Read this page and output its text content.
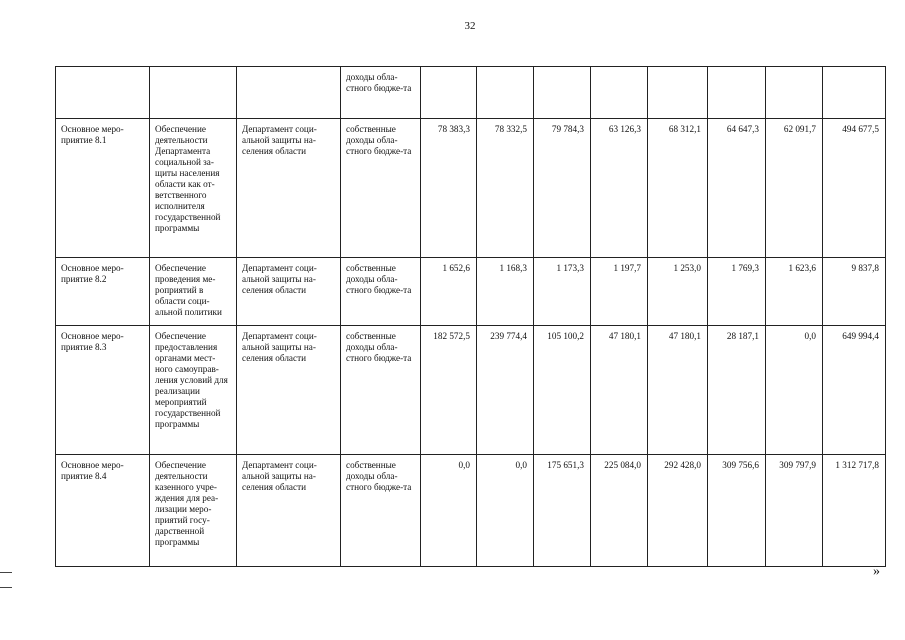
32
			доходы обла-стного бюдже-та								
Основное меро-приятие 8.1	Обеспечение деятельности Департамента социальной за-щиты населения области как от-ветственного исполнителя государственной программы	Департамент соци-альной защиты на-селения области	собственные доходы обла-стного бюдже-та	78 383,3	78 332,5	79 784,3	63 126,3	68 312,1	64 647,3	62 091,7	494 677,5
Основное меро-приятие 8.2	Обеспечение проведения ме-роприятий в области соци-альной политики	Департамент соци-альной защиты на-селения области	собственные доходы обла-стного бюдже-та	1 652,6	1 168,3	1 173,3	1 197,7	1 253,0	1 769,3	1 623,6	9 837,8
Основное меро-приятие 8.3	Обеспечение предоставления органами мест-ного самоуправ-ления условий для реализации мероприятий государственной программы	Департамент соци-альной защиты на-селения области	собственные доходы обла-стного бюдже-та	182 572,5	239 774,4	105 100,2	47 180,1	47 180,1	28 187,1	0,0	649 994,4
Основное меро-приятие 8.4	Обеспечение деятельности казенного учре-ждения для реа-лизации меро-приятий госу-дарственной программы	Департамент соци-альной защиты на-селения области	собственные доходы обла-стного бюдже-та	0,0	0,0	175 651,3	225 084,0	292 428,0	309 756,6	309 797,9	1 312 717,8
»
